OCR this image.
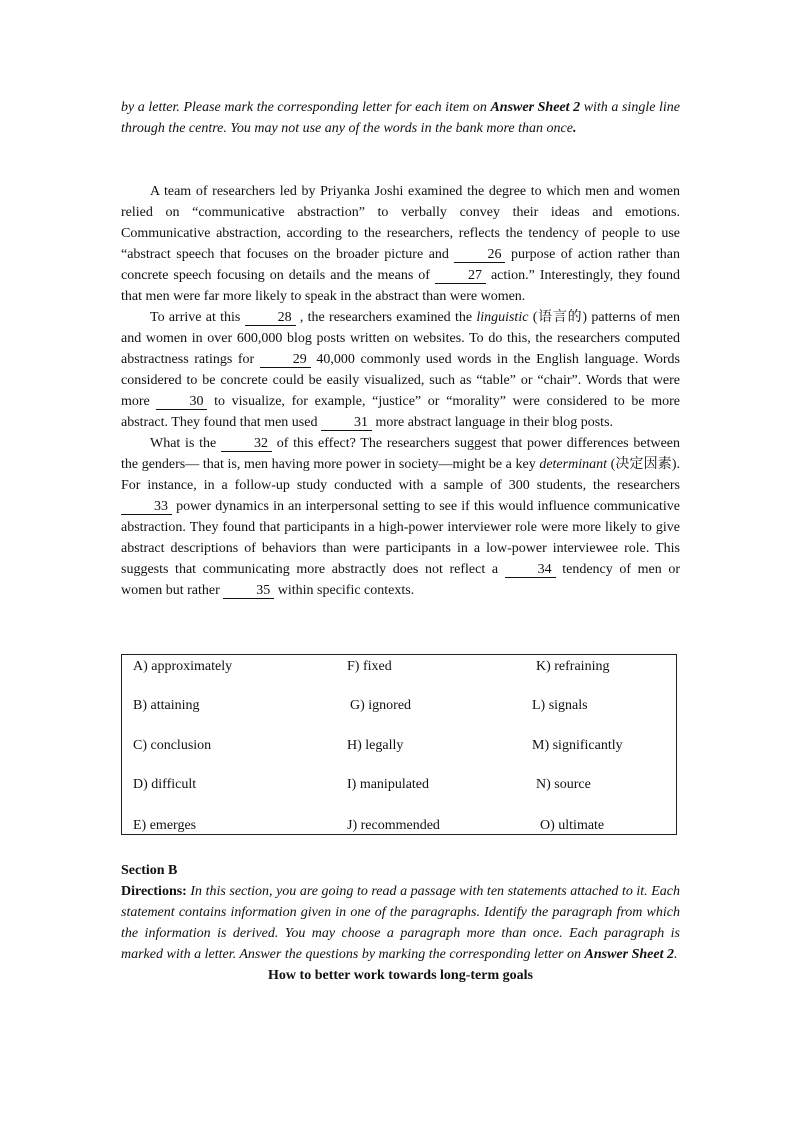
by a letter. Please mark the corresponding letter for each item on Answer Sheet 2 with a single line through the centre. You may not use any of the words in the bank more than once.

A team of researchers led by Priyanka Joshi examined the degree to which men and women relied on “communicative abstraction” to verbally convey their ideas and emotions. Communicative abstraction, according to the researchers, reflects the tendency of people to use “abstract speech that focuses on the broader picture and 26 purpose of action rather than concrete speech focusing on details and the means of 27 action.” Interestingly, they found that men were far more likely to speak in the abstract than were women.

To arrive at this 28 , the researchers examined the linguistic (语言的) patterns of men and women in over 600,000 blog posts written on websites. To do this, the researchers computed abstractness ratings for 29 40,000 commonly used words in the English language. Words considered to be concrete could be easily visualized, such as “table” or “chair”. Words that were more 30 to visualize, for example, “justice” or “morality” were considered to be more abstract. They found that men used 31 more abstract language in their blog posts.

What is the 32 of this effect? The researchers suggest that power differences between the genders— that is, men having more power in society—might be a key determinant (决定因素). For instance, in a follow-up study conducted with a sample of 300 students, the researchers 33 power dynamics in an interpersonal setting to see if this would influence communicative abstraction. They found that participants in a high-power interviewer role were more likely to give abstract descriptions of behaviors than were participants in a low-power interviewee role. This suggests that communicating more abstractly does not reflect a 34 tendency of men or women but rather 35 within specific contexts.

A) approximately
B) attaining
C) conclusion
D) difficult
E) emerges
F) fixed
G) ignored
H) legally
I) manipulated
J) recommended
K) refraining
L) signals
M) significantly
N) source
O) ultimate

Section B

Directions: In this section, you are going to read a passage with ten statements attached to it. Each statement contains information given in one of the paragraphs. Identify the paragraph from which the information is derived. You may choose a paragraph more than once. Each paragraph is marked with a letter. Answer the questions by marking the corresponding letter on Answer Sheet 2.

How to better work towards long-term goals
